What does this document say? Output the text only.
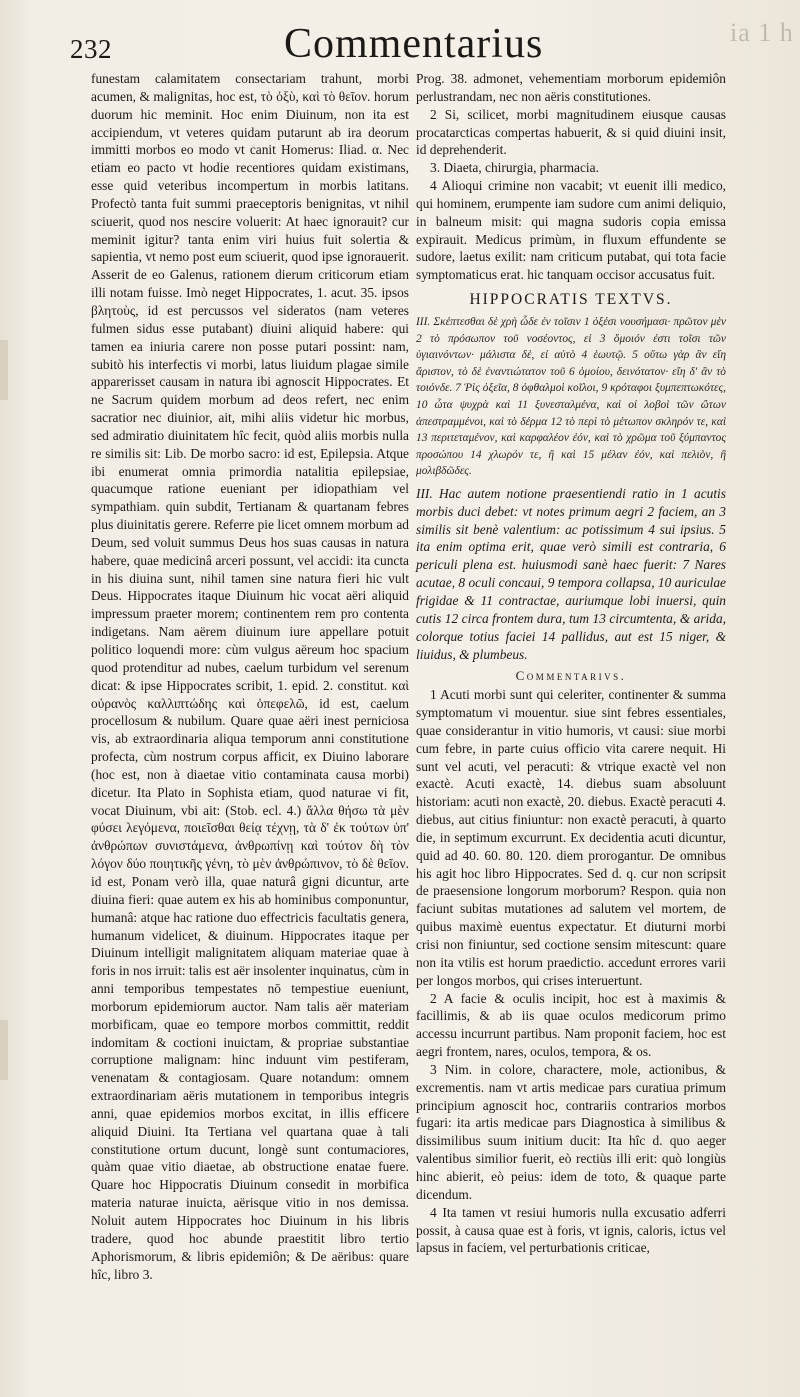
ia 1 h
232	Commentarius

funestam calamitatem consectariam trahunt, morbi acumen, & malignitas, hoc est, τὸ ὀξὺ, καὶ τὸ θεῖον. horum duorum hic meminit. Hoc enim Diuinum, non ita est accipiendum, vt veteres quidam putarunt ab ira deorum immitti morbos eo modo vt canit Homerus: Iliad. α. Nec etiam eo pacto vt hodie recentiores quidam existimans, esse quid veteribus incompertum in morbis latitans. Profectò tanta fuit summi praeceptoris benignitas, vt nihil sciuerit, quod nos nescire voluerit: At haec ignorauit? cur meminit igitur? tanta enim viri huius fuit solertia & sapientia, vt nemo post eum sciuerit, quod ipse ignorauerit. Asserit de eo Galenus, rationem dierum criticorum etiam illi notam fuisse. Imò neget Hippocrates, 1. acut. 35. ipsos βλητοὺς, id est percussos vel sideratos (nam veteres fulmen sidus esse putabant) diuini aliquid habere: qui tamen ea iniuria carere non posse putari possint: nam, subitò his interfectis vi morbi, latus liuidum plagae simile apparerisset causam in natura ibi agnoscit Hippocrates. Et ne Sacrum quidem morbum ad deos refert, nec enim sacratior nec diuinior, ait, mihi aliis videtur hic morbus, sed admiratio diuinitatem hîc fecit, quòd aliis morbis nulla re similis sit: Lib. De morbo sacro: id est, Epilepsia. Atque ibi enumerat omnia primordia natalitia epilepsiae, quacumque ratione eueniant per idiopathiam vel sympathiam. quin subdit, Tertianam & quartanam febres plus diuinitatis gerere. Referre pie licet omnem morbum ad Deum, sed voluit summus Deus hos suas causas in natura habere, quae medicinâ arceri possunt, vel accidi: ita cuncta in his diuina sunt, nihil tamen sine natura fieri hic vult Deus. Hippocrates itaque Diuinum hic vocat aëri aliquid impressum praeter morem; continentem rem pro contenta indigetans. Nam aërem diuinum iure appellare potuit politico loquendi more: cùm vulgus aëreum hoc spacium quod protenditur ad nubes, caelum turbidum vel serenum dicat: & ipse Hippocrates scribit, 1. epid. 2. constitut. καὶ οὐρανὸς καλλιπτώδης καὶ ὁπεφελῶ, id est, caelum procellosum & nubilum. Quare quae aëri inest perniciosa vis, ab extraordinaria aliqua temporum anni constitutione profecta, cùm nostrum corpus afficit, ex Diuino laborare (hoc est, non à diaetae vitio contaminata causa morbi) dicetur. Ita Plato in Sophista etiam, quod naturae vi fit, vocat Diuinum, vbi ait: (Stob. ecl. 4.) ἄλλα θήσω τὰ μὲν φύσει λεγόμενα, ποιεῖσθαι θείᾳ τέχνῃ, τὰ δ' ἐκ τούτων ὑπ' ἀνθρώπων συνιστάμενα, ἀνθρωπίνῃ καὶ τούτον δὴ τὸν λόγον δύο ποιητικῆς γένη, τὸ μὲν ἀνθρώπινον, τὸ δὲ θεῖον. id est, Ponam verò illa, quae naturâ gigni dicuntur, arte diuina fieri: quae autem ex his ab hominibus componuntur, humanâ: atque hac ratione duo effectricis facultatis genera, humanum videlicet, & diuinum. Hippocrates itaque per Diuinum intelligit malignitatem aliquam materiae quae à foris in nos irruit: talis est aër insolenter inquinatus, cùm in anni temporibus tempestates nō tempestiue eueniunt, morborum epidemiorum auctor. Nam talis aër materiam morbificam, quae eo tempore morbos committit, reddit indomitam & coctioni inuictam, & propriae substantiae corruptione malignam: hinc induunt vim pestiferam, venenatam & contagiosam. Quare notandum: omnem extraordinariam aëris mutationem in temporibus integris anni, quae epidemios morbos excitat, in illis efficere aliquid Diuini. Ita Tertiana vel quartana quae à tali constitutione ortum ducunt, longè sunt contumaciores, quàm quae vitio diaetae, ab obstructione enatae fuere. Quare hoc Hippocratis Diuinum consedit in morbifica materia naturae inuicta, aërisque vitio in nos demissa. Noluit autem Hippocrates hoc Diuinum in his libris tradere, quod hoc abunde praestitit libro tertio Aphorismorum, & libris epidemiôn; & De aëribus: quare hîc, libro 3.

Prog. 38. admonet, vehementiam morborum epidemiôn perlustrandam, nec non aëris constitutiones.

2 Si, scilicet, morbi magnitudinem eiusque causas procatarcticas compertas habuerit, & si quid diuini insit, id deprehenderit.

3. Diaeta, chirurgia, pharmacia.

4 Alioqui crimine non vacabit; vt euenit illi medico, qui hominem, erumpente iam sudore cum animi deliquio, in balneum misit: qui magna sudoris copia emissa expirauit. Medicus primùm, in fluxum effundente se sudore, laetus exilit: nam criticum putabat, qui tota facie symptomaticus erat. hic tanquam occisor accusatus fuit.

HIPPOCRATIS TEXTVS.

III. Σκέπτεσθαι δὲ χρὴ ὧδε ἐν τοῖσιν 1 ὀξέσι νουσήμασι· πρῶτον μὲν 2 τὸ πρόσωπον τοῦ νοσέοντος, εἰ 3 ὅμοιόν ἐστι τοῖσι τῶν ὑγιαινόντων· μάλιστα δὲ, εἰ αὐτὸ 4 ἑωυτῷ. 5 οὕτω γὰρ ἂν εἴη ἄριστον, τὸ δὲ ἐναντιώτατον τοῦ 6 ὁμοίου, δεινότατον· εἴη δ' ἂν τὸ τοιόνδε. 7 Ῥὶς ὀξεῖα, 8 ὀφθαλμοὶ κοῖλοι, 9 κρόταφοι ξυμπεπτωκότες, 10 ὦτα ψυχρὰ καὶ 11 ξυνεσταλμένα, καὶ οἱ λοβοὶ τῶν ὤτων ἀπεστραμμένοι, καὶ τὸ δέρμα 12 τὸ περὶ τὸ μέτωπον σκληρόν τε, καὶ 13 περιτεταμένον, καὶ καρφαλέον ἐόν, καὶ τὸ χρῶμα τοῦ ξύμπαντος προσώπου 14 χλωρόν τε, ἢ καὶ 15 μέλαν ἐόν, καὶ πελιὸν, ἢ μολιβδῶδες.

III. Hac autem notione praesentiendi ratio in 1 acutis morbis duci debet: vt notes primum aegri 2 faciem, an 3 similis sit benè valentium: ac potissimum 4 sui ipsius. 5 ita enim optima erit, quae verò simili est contraria, 6 periculi plena est. huiusmodi sanè haec fuerit: 7 Nares acutae, 8 oculi concaui, 9 tempora collapsa, 10 auriculae frigidae & 11 contractae, auriumque lobi inuersi, quin cutis 12 circa frontem dura, tum 13 circumtenta, & arida, colorque totius faciei 14 pallidus, aut est 15 niger, & liuidus, & plumbeus.

Commentarivs.

1 Acuti morbi sunt qui celeriter, continenter & summa symptomatum vi mouentur. siue sint febres essentiales, quae considerantur in vitio humoris, vt causi: siue morbi cum febre, in parte cuius officio vita carere nequit. Hi sunt vel acuti, vel peracuti: & vtrique exactè vel non exactè. Acuti exactè, 14. diebus suam absoluunt historiam: acuti non exactè, 20. diebus. Exactè peracuti 4. diebus, aut citius finiuntur: non exactè peracuti, à quarto die, in septimum excurrunt. Ex decidentia acuti dicuntur, quid ad 40. 60. 80. 120. diem prorogantur. De omnibus his agit hoc libro Hippocrates. Sed d. q. cur non scripsit de praesensione longorum morborum? Respon. quia non faciunt subitas mutationes ad salutem vel mortem, de quibus maximè euentus expectatur. Et diuturni morbi crisi non finiuntur, sed coctione sensim mitescunt: quare non ita vtilis est horum praedictio. accedunt errores varii per longos morbos, qui crises interuertunt.

2 A facie & oculis incipit, hoc est à maximis & facillimis, & ab iis quae oculos medicorum primo accessu incurrunt partibus. Nam proponit faciem, hoc est aegri frontem, nares, oculos, tempora, & os.

3 Nim. in colore, charactere, mole, actionibus, & excrementis. nam vt artis medicae pars curatiua primum principium agnoscit hoc, contrariis contrarios morbos fugari: ita artis medicae pars Diagnostica à similibus & dissimilibus suum initium ducit: Ita hîc d. quo aeger valentibus similior fuerit, eò rectiùs illi erit: quò longiùs hinc abierit, eò peius: idem de toto, & quaque parte dicendum.

4 Ita tamen vt resiui humoris nulla excusatio adferri possit, à causa quae est à foris, vt ignis, caloris, ictus vel lapsus in faciem, vel perturbationis criticae,
